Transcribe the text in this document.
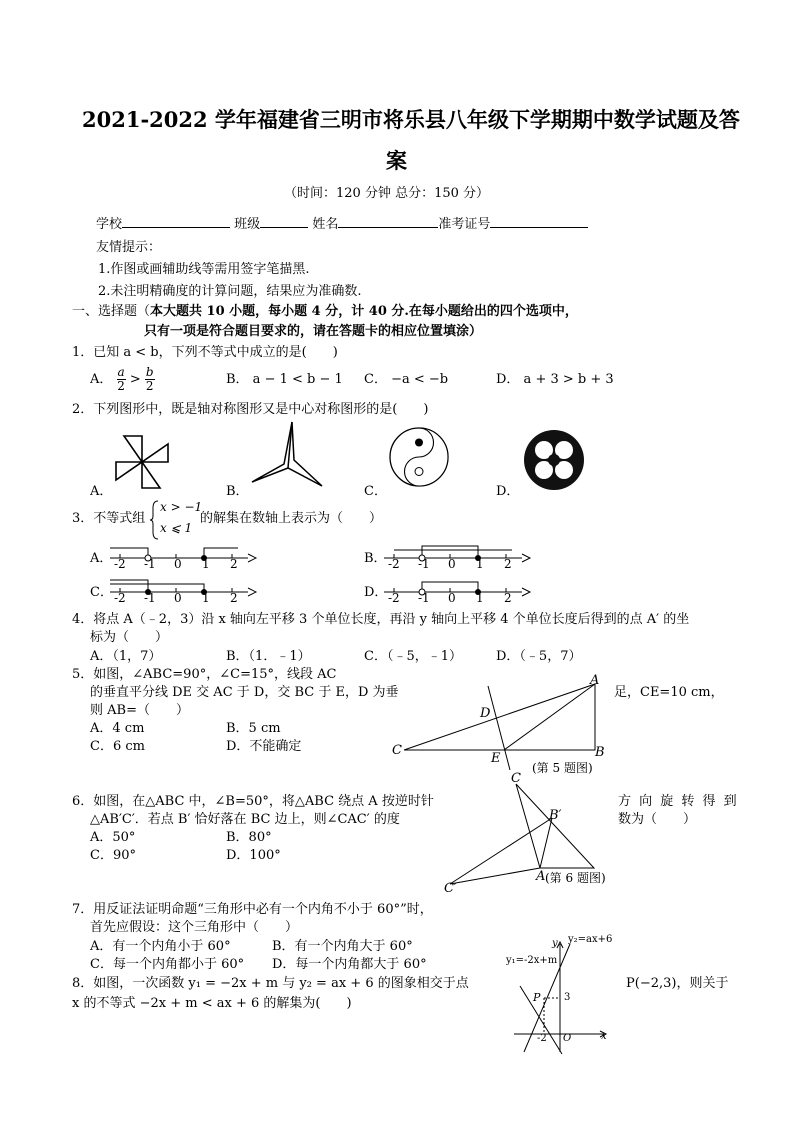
2021-2022 学年福建省三明市将乐县八年级下学期期中数学试题及答
案
（时间：120 分钟 总分：150 分）
学校	班级	姓名	准考证号
友情提示：
1.作图或画辅助线等需用签字笔描黑.
2.未注明精确度的计算问题，结果应为准确数.
一、选择题（本大题共 10 小题，每小题 4 分，计 40 分.在每小题给出的四个选项中，
只有一项是符合题目要求的，请在答题卡的相应位置填涂）
1．已知 a < b，下列不等式中成立的是(　　)
A． $\frac{a}{2} > \frac{b}{2}$	B． a − 1 < b − 1 C． −a < −b	D． a + 3 > b + 3
2．下列图形中，既是轴对称图形又是中心对称图形的是(　　)
A．	B．	C．	D．
3．不等式组
x > −1
x ⩽ 1
的解集在数轴上表示为（　　）
A．
C．
B．
D．
-2 -1 0 1 2
-2 -1 0 1 2
-2 -1 0 1 2
-2 -1 0 1 2
4．将点 A（﹣2，3）沿 x 轴向左平移 3 个单位长度，再沿 y 轴向上平移 4 个单位长度后得到的点 A′ 的坐
标为（　　）
A．（1，7）	B．（1．﹣1）	C．（﹣5，﹣1）	D．（﹣5，7）
5．如图，∠ABC=90°，∠C=15°，线段 AC
的垂直平分线 DE 交 AC 于 D，交 BC 于 E，D 为垂	足，CE=10 cm，
则 AB=（　　）
A．4 cm	B．5 cm
C．6 cm	D．不能确定
A
B
C
D
E
(第 5 题图)
6．如图，在△ABC 中，∠B=50°，将△ABC 绕点 A 按逆时针	方 向 旋 转 得 到
△AB′C′．若点 B′ 恰好落在 BC 边上，则∠CAC′ 的度	数为（　　）
A．50°	B．80°
C．90°	D．100°
C
B′
A
C′
(第 6 题图)
7．用反证法证明命题“三角形中必有一个内角不小于 60°”时，
首先应假设：这个三角形中（　　）
A．有一个内角小于 60°	B．有一个内角大于 60°
C．每一个内角都小于 60° D．每一个内角都大于 60°
8．如图，一次函数 y₁ = −2x + m 与 y₂ = ax + 6 的图象相交于点	P(−2,3)，则关于
x 的不等式 −2x + m < ax + 6 的解集为(　　)
y₂=ax+6
y₁=-2x+m
y
P 3
-2 O	x
